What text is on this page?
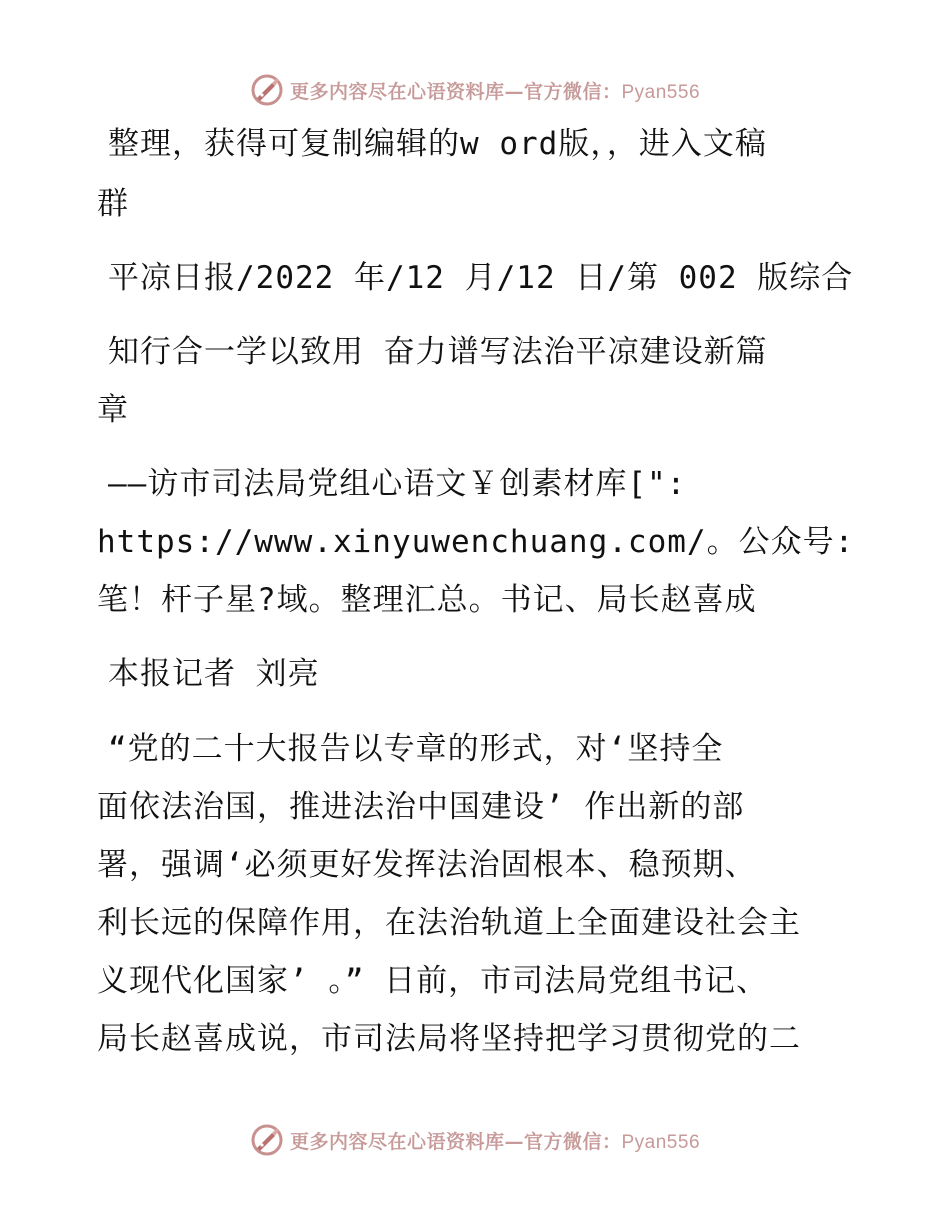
更多内容尽在心语资料库—官方微信：Pyan556
整理，获得可复制编辑的w ord版，，进入文稿
群
平凉日报/2022 年/12 月/12 日/第 002 版综合
知行合一学以致用 奋力谱写法治平凉建设新篇
章
——访市司法局党组心语文￥创素材库[":
https://www.xinyuwenchuang.com/。公众号:
笔！杆子星?域。整理汇总。书记、局长赵喜成
本报记者 刘亮
“党的二十大报告以专章的形式，对‘坚持全
面依法治国，推进法治中国建设’ 作出新的部
署，强调‘必须更好发挥法治固根本、稳预期、
利长远的保障作用，在法治轨道上全面建设社会主
义现代化国家’ 。” 日前，市司法局党组书记、
局长赵喜成说，市司法局将坚持把学习贯彻党的二
更多内容尽在心语资料库—官方微信：Pyan556
